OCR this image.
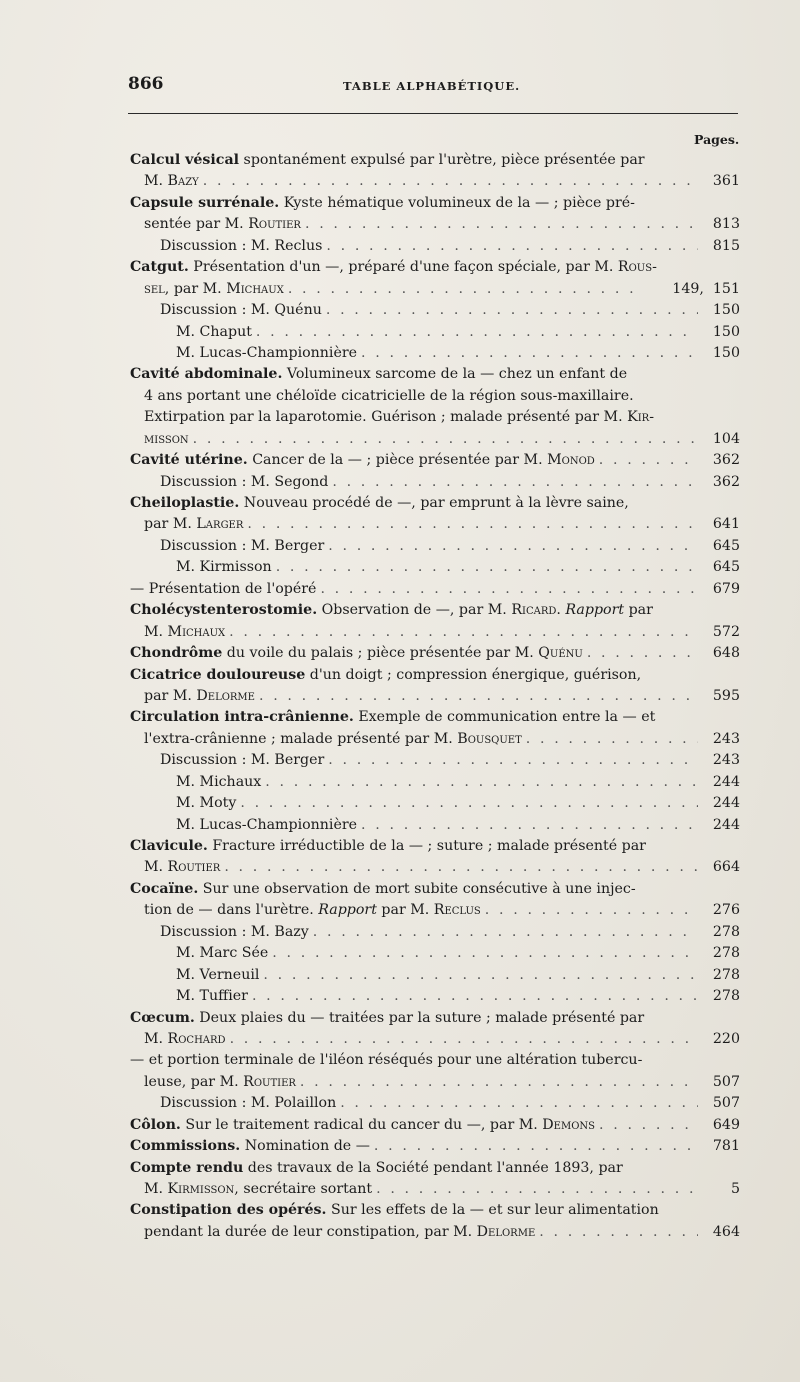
866	TABLE ALPHABÉTIQUE.
Pages.
Calcul vésical spontanément expulsé par l'urètre, pièce présentée par
M. Bazy . . .	361
Capsule surrénale. Kyste hématique volumineux de la — ; pièce pré-
sentée par M. Routier . . .	813
Discussion : M. Reclus . . .	815
Catgut. Présentation d'un —, préparé d'une façon spéciale, par M. Rous-
sel, par M. Michaux . . .	149,  151
Discussion : M. Quénu . . .	150
M. Chaput . . .	150
M. Lucas-Championnière . . .	150
Cavité abdominale. Volumineux sarcome de la — chez un enfant de
4 ans portant une chéloïde cicatricielle de la région sous-maxillaire.
Extirpation par la laparotomie. Guérison ; malade présenté par M. Kir-
misson . . .	104
Cavité utérine. Cancer de la — ; pièce présentée par M. Monod . . .	362
Discussion : M. Segond . . .	362
Cheiloplastie. Nouveau procédé de —, par emprunt à la lèvre saine,
par M. Larger . . .	641
Discussion : M. Berger . . .	645
M. Kirmisson . . .	645
— Présentation de l'opéré . . .	679
Cholécystenterostomie. Observation de —, par M. Ricard. Rapport par
M. Michaux . . .	572
Chondrôme du voile du palais ; pièce présentée par M. Quénu . . .	648
Cicatrice douloureuse d'un doigt ; compression énergique, guérison,
par M. Delorme . . .	595
Circulation intra-crânienne. Exemple de communication entre la — et
l'extra-crânienne ; malade présenté par M. Bousquet . . .	243
Discussion : M. Berger . . .	243
M. Michaux . . .	244
M. Moty . . .	244
M. Lucas-Championnière . . .	244
Clavicule. Fracture irréductible de la — ; suture ; malade présenté par
M. Routier . . .	664
Cocaïne. Sur une observation de mort subite consécutive à une injec-
tion de — dans l'urètre. Rapport par M. Reclus . . .	276
Discussion : M. Bazy . . .	278
M. Marc Sée . . .	278
M. Verneuil . . .	278
M. Tuffier . . .	278
Cœcum. Deux plaies du — traitées par la suture ; malade présenté par
M. Rochard . . .	220
— et portion terminale de l'iléon réséqués pour une altération tubercu-
leuse, par M. Routier . . .	507
Discussion : M. Polaillon . . .	507
Côlon. Sur le traitement radical du cancer du —, par M. Demons . . .	649
Commissions. Nomination de — . . .	781
Compte rendu des travaux de la Société pendant l'année 1893, par
M. Kirmisson, secrétaire sortant . . .	5
Constipation des opérés. Sur les effets de la — et sur leur alimentation
pendant la durée de leur constipation, par M. Delorme . . .	464
